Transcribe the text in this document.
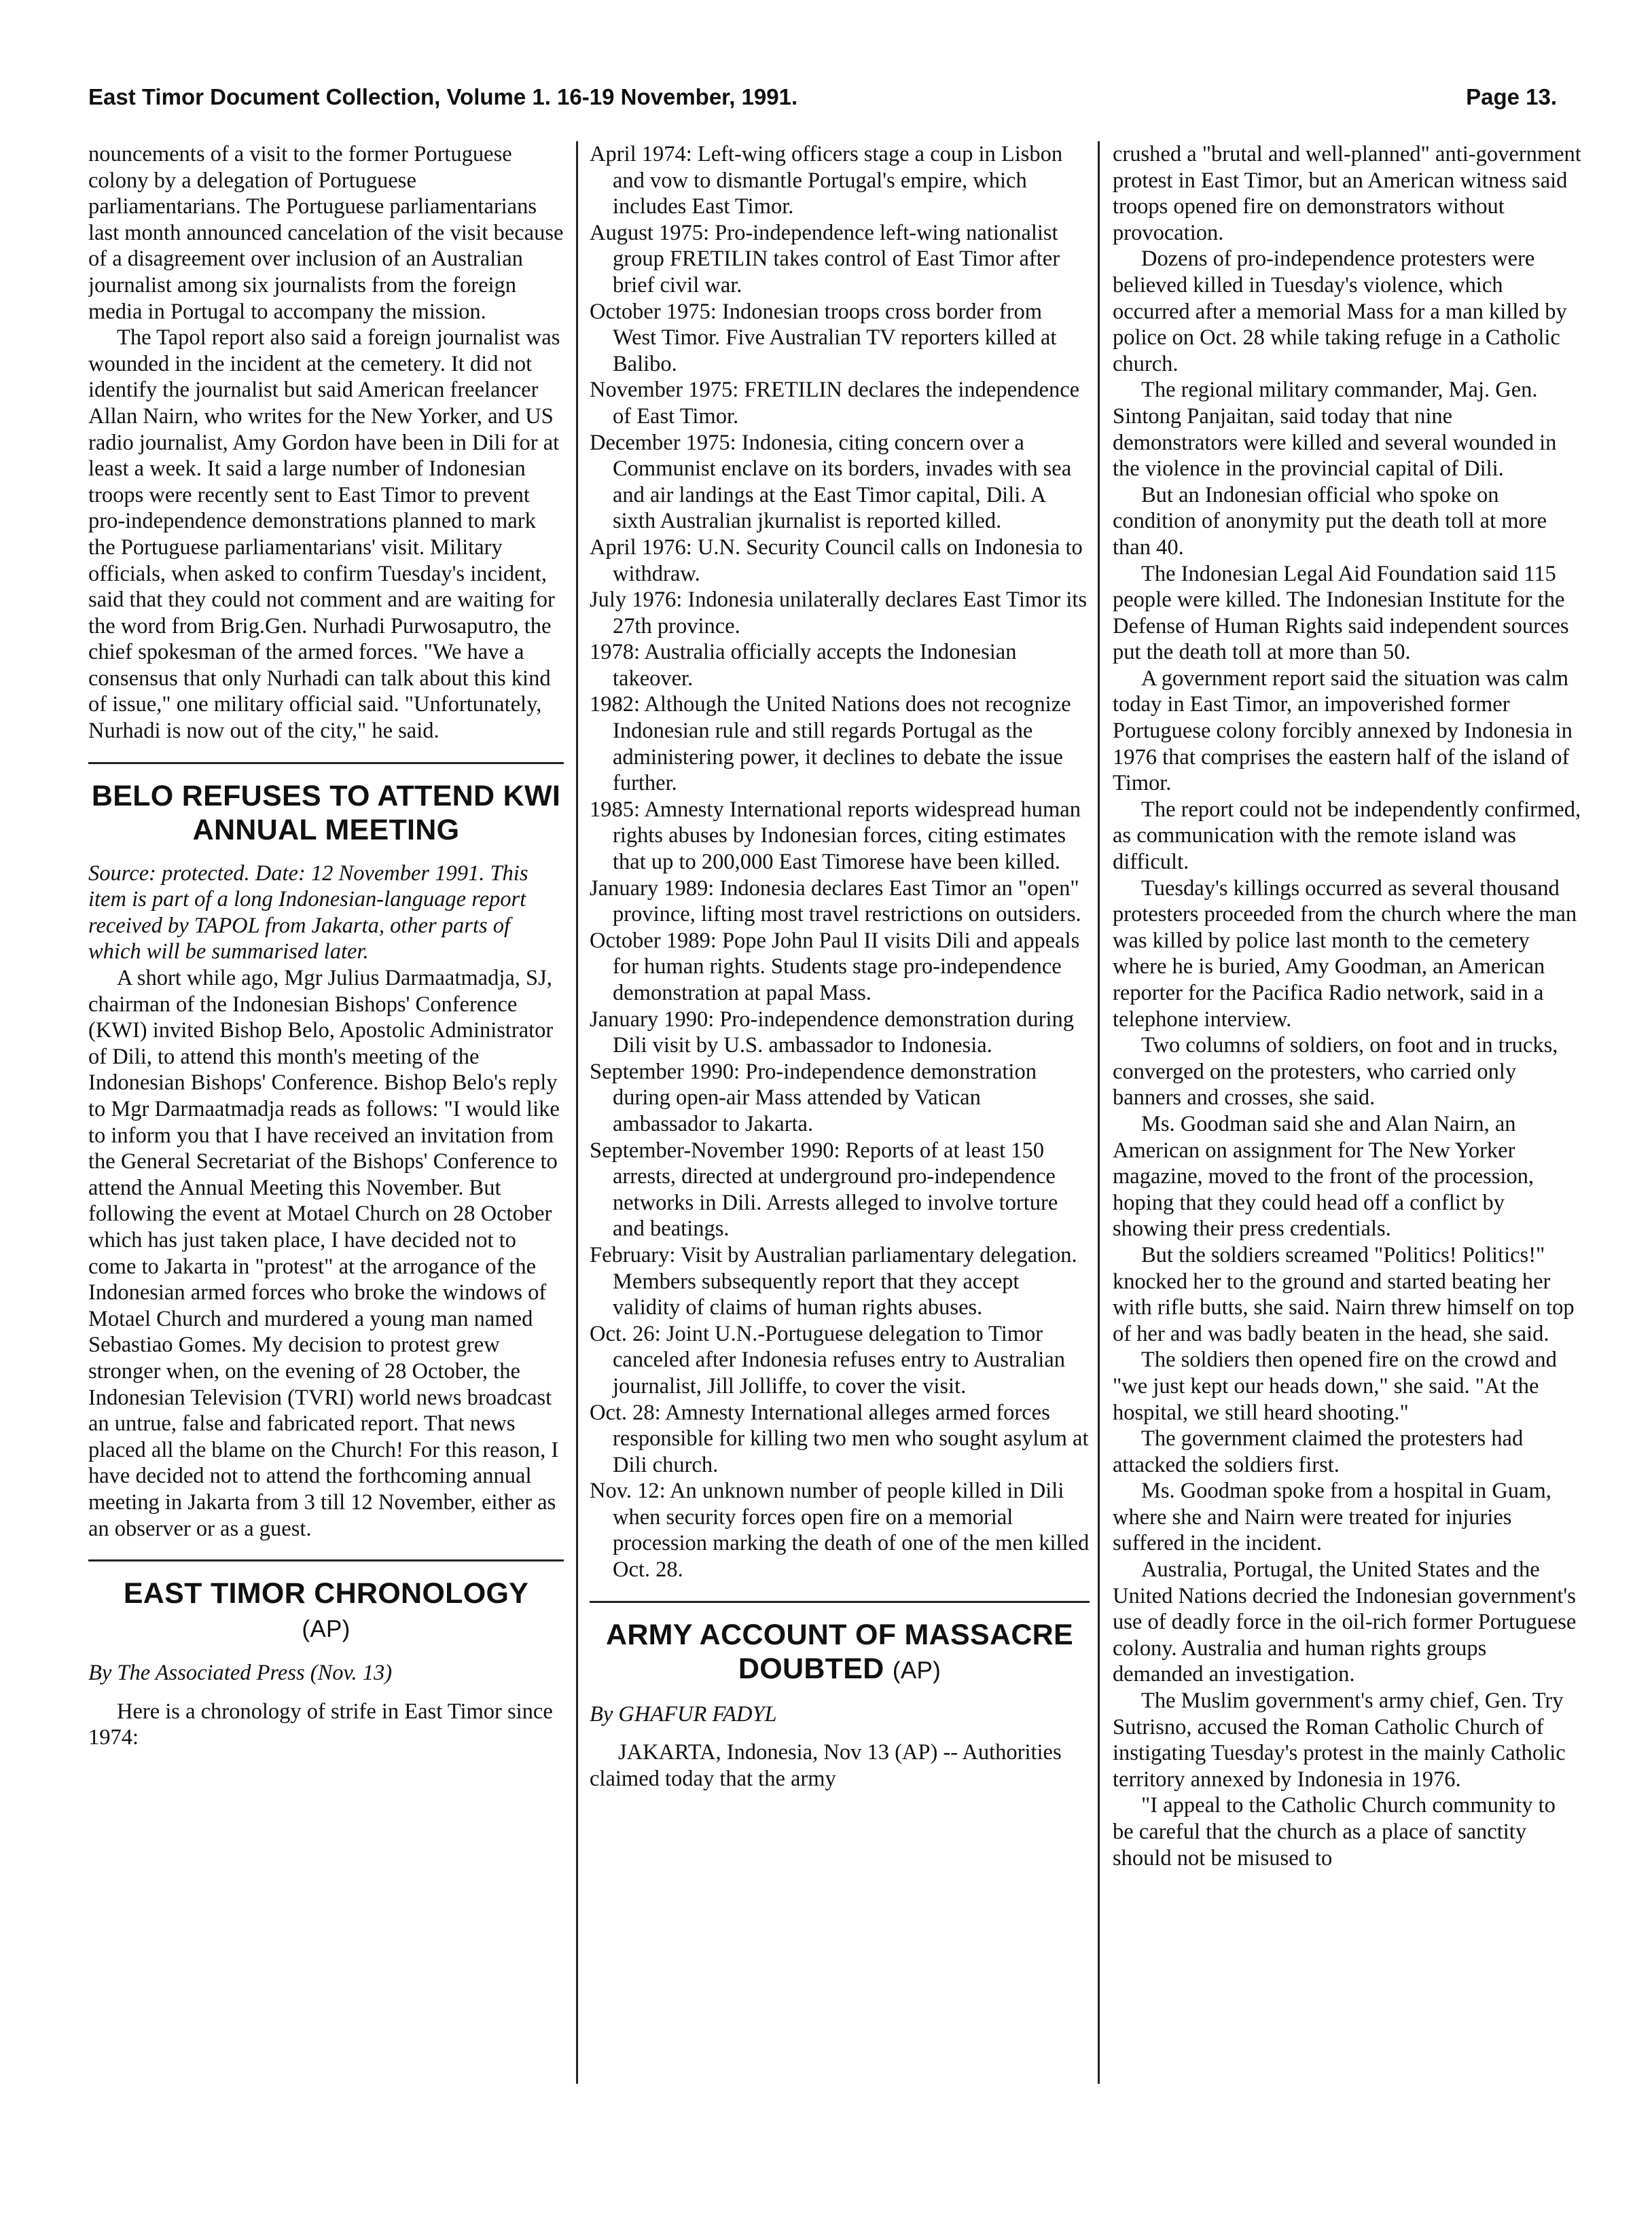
East Timor Document Collection, Volume 1. 16-19 November, 1991.	Page 13.

nouncements of a visit to the former Portuguese colony by a delegation of Portuguese parliamentarians. The Portuguese parliamentarians last month announced cancelation of the visit because of a disagreement over inclusion of an Australian journalist among six journalists from the foreign media in Portugal to accompany the mission.

The Tapol report also said a foreign journalist was wounded in the incident at the cemetery. It did not identify the journalist but said American freelancer Allan Nairn, who writes for the New Yorker, and US radio journalist, Amy Gordon have been in Dili for at least a week. It said a large number of Indonesian troops were recently sent to East Timor to prevent pro-independence demonstrations planned to mark the Portuguese parliamentarians' visit. Military officials, when asked to confirm Tuesday's incident, said that they could not comment and are waiting for the word from Brig.Gen. Nurhadi Purwosaputro, the chief spokesman of the armed forces. "We have a consensus that only Nurhadi can talk about this kind of issue," one military official said. "Unfortunately, Nurhadi is now out of the city," he said.

BELO REFUSES TO ATTEND KWI ANNUAL MEETING

Source: protected. Date: 12 November 1991. This item is part of a long Indonesian-language report received by TAPOL from Jakarta, other parts of which will be summarised later.

A short while ago, Mgr Julius Darmaatmadja, SJ, chairman of the Indonesian Bishops' Conference (KWI) invited Bishop Belo, Apostolic Administrator of Dili, to attend this month's meeting of the Indonesian Bishops' Conference. Bishop Belo's reply to Mgr Darmaatmadja reads as follows: "I would like to inform you that I have received an invitation from the General Secretariat of the Bishops' Conference to attend the Annual Meeting this November. But following the event at Motael Church on 28 October which has just taken place, I have decided not to come to Jakarta in "protest" at the arrogance of the Indonesian armed forces who broke the windows of Motael Church and murdered a young man named Sebastiao Gomes. My decision to protest grew stronger when, on the evening of 28 October, the Indonesian Television (TVRI) world news broadcast an untrue, false and fabricated report. That news placed all the blame on the Church! For this reason, I have decided not to attend the forthcoming annual meeting in Jakarta from 3 till 12 November, either as an observer or as a guest.

EAST TIMOR CHRONOLOGY
(AP)

By The Associated Press (Nov. 13)

Here is a chronology of strife in East Timor since 1974:

April 1974: Left-wing officers stage a coup in Lisbon and vow to dismantle Portugal's empire, which includes East Timor.

August 1975: Pro-independence left-wing nationalist group FRETILIN takes control of East Timor after brief civil war.

October 1975: Indonesian troops cross border from West Timor. Five Australian TV reporters killed at Balibo.

November 1975: FRETILIN declares the independence of East Timor.

December 1975: Indonesia, citing concern over a Communist enclave on its borders, invades with sea and air landings at the East Timor capital, Dili. A sixth Australian jkurnalist is reported killed.

April 1976: U.N. Security Council calls on Indonesia to withdraw.

July 1976: Indonesia unilaterally declares East Timor its 27th province.

1978: Australia officially accepts the Indonesian takeover.

1982: Although the United Nations does not recognize Indonesian rule and still regards Portugal as the administering power, it declines to debate the issue further.

1985: Amnesty International reports widespread human rights abuses by Indonesian forces, citing estimates that up to 200,000 East Timorese have been killed.

January 1989: Indonesia declares East Timor an "open" province, lifting most travel restrictions on outsiders.

October 1989: Pope John Paul II visits Dili and appeals for human rights. Students stage pro-independence demonstration at papal Mass.

January 1990: Pro-independence demonstration during Dili visit by U.S. ambassador to Indonesia.

September 1990: Pro-independence demonstration during open-air Mass attended by Vatican ambassador to Jakarta.

September-November 1990: Reports of at least 150 arrests, directed at underground pro-independence networks in Dili. Arrests alleged to involve torture and beatings.

February: Visit by Australian parliamentary delegation. Members subsequently report that they accept validity of claims of human rights abuses.

Oct. 26: Joint U.N.-Portuguese delegation to Timor canceled after Indonesia refuses entry to Australian journalist, Jill Jolliffe, to cover the visit.

Oct. 28: Amnesty International alleges armed forces responsible for killing two men who sought asylum at Dili church.

Nov. 12: An unknown number of people killed in Dili when security forces open fire on a memorial procession marking the death of one of the men killed Oct. 28.

ARMY ACCOUNT OF MASSACRE DOUBTED (AP)

By GHAFUR FADYL

JAKARTA, Indonesia, Nov 13 (AP) -- Authorities claimed today that the army

crushed a "brutal and well-planned" anti-government protest in East Timor, but an American witness said troops opened fire on demonstrators without provocation.

Dozens of pro-independence protesters were believed killed in Tuesday's violence, which occurred after a memorial Mass for a man killed by police on Oct. 28 while taking refuge in a Catholic church.

The regional military commander, Maj. Gen. Sintong Panjaitan, said today that nine demonstrators were killed and several wounded in the violence in the provincial capital of Dili.

But an Indonesian official who spoke on condition of anonymity put the death toll at more than 40.

The Indonesian Legal Aid Foundation said 115 people were killed. The Indonesian Institute for the Defense of Human Rights said independent sources put the death toll at more than 50.

A government report said the situation was calm today in East Timor, an impoverished former Portuguese colony forcibly annexed by Indonesia in 1976 that comprises the eastern half of the island of Timor.

The report could not be independently confirmed, as communication with the remote island was difficult.

Tuesday's killings occurred as several thousand protesters proceeded from the church where the man was killed by police last month to the cemetery where he is buried, Amy Goodman, an American reporter for the Pacifica Radio network, said in a telephone interview.

Two columns of soldiers, on foot and in trucks, converged on the protesters, who carried only banners and crosses, she said.

Ms. Goodman said she and Alan Nairn, an American on assignment for The New Yorker magazine, moved to the front of the procession, hoping that they could head off a conflict by showing their press credentials.

But the soldiers screamed "Politics! Politics!" knocked her to the ground and started beating her with rifle butts, she said. Nairn threw himself on top of her and was badly beaten in the head, she said.

The soldiers then opened fire on the crowd and "we just kept our heads down," she said. "At the hospital, we still heard shooting."

The government claimed the protesters had attacked the soldiers first.

Ms. Goodman spoke from a hospital in Guam, where she and Nairn were treated for injuries suffered in the incident.

Australia, Portugal, the United States and the United Nations decried the Indonesian government's use of deadly force in the oil-rich former Portuguese colony. Australia and human rights groups demanded an investigation.

The Muslim government's army chief, Gen. Try Sutrisno, accused the Roman Catholic Church of instigating Tuesday's protest in the mainly Catholic territory annexed by Indonesia in 1976.

"I appeal to the Catholic Church community to be careful that the church as a place of sanctity should not be misused to
